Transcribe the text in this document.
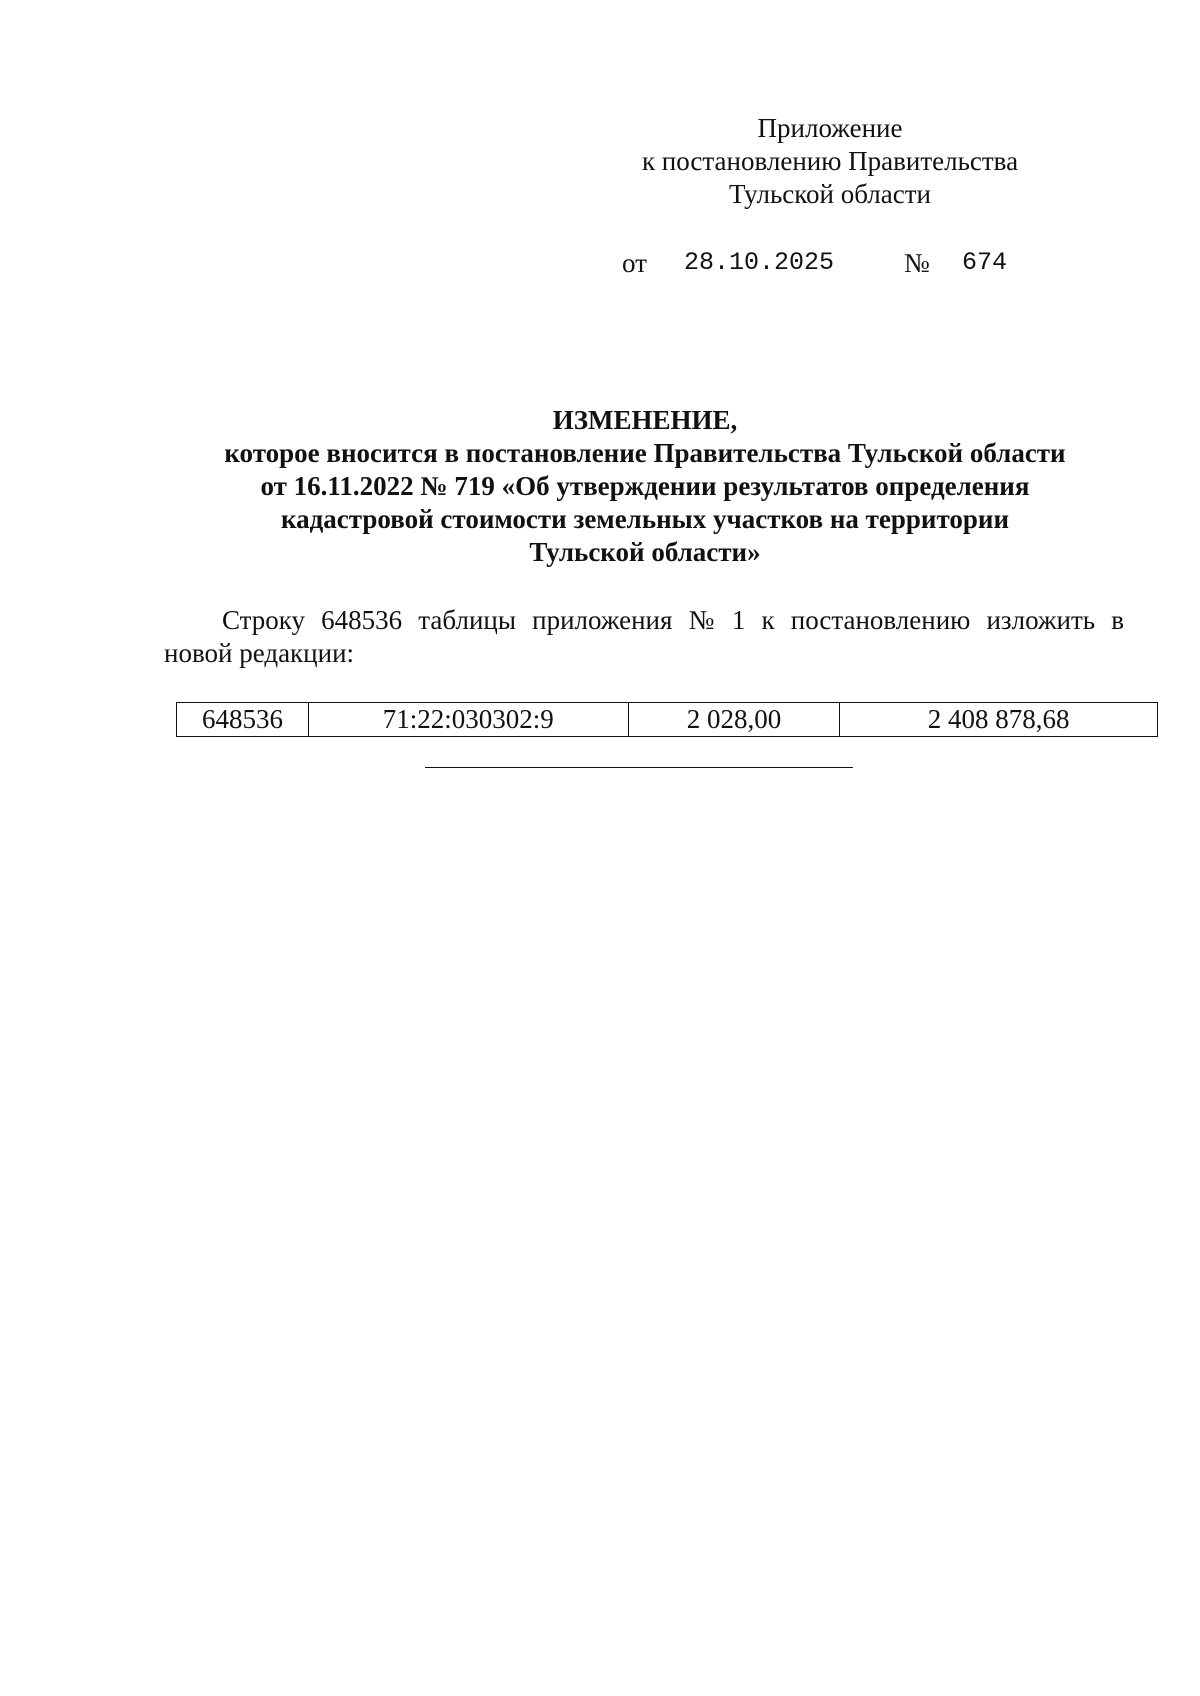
Приложение
к постановлению Правительства
Тульской области
от 28.10.2025	№ 674
ИЗМЕНЕНИЕ,
которое вносится в постановление Правительства Тульской области
от 16.11.2022 № 719 «Об утверждении результатов определения
кадастровой стоимости земельных участков на территории
Тульской области»
Строку 648536 таблицы приложения № 1 к постановлению изложить в
новой редакции:
648536	71:22:030302:9	2 028,00	2 408 878,68
